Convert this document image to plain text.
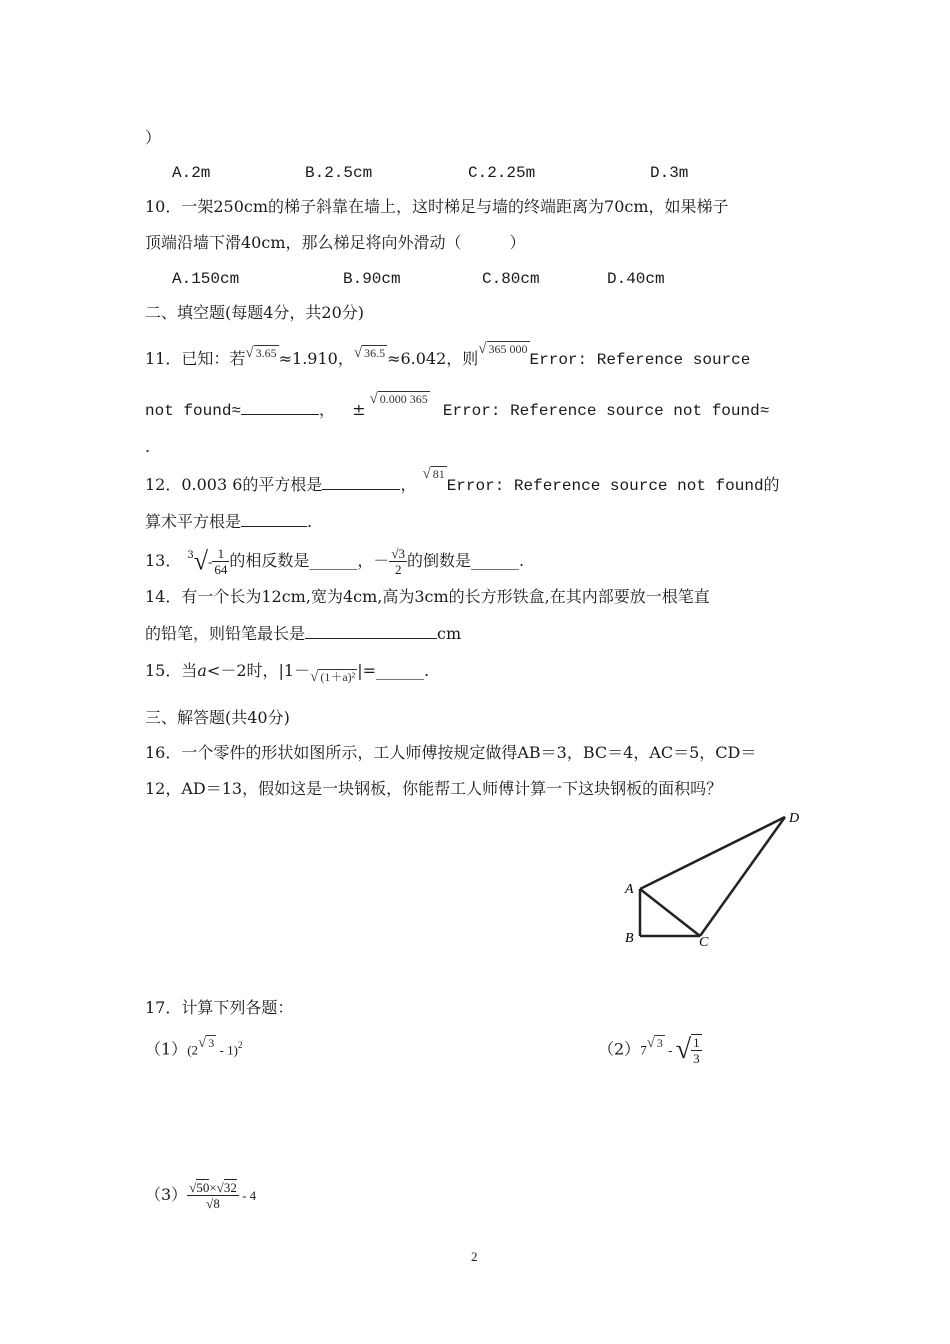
）
A.2m	B.2.5cm	C.2.25m	D.3m
10．一架250cm的梯子斜靠在墙上，这时梯足与墙的终端距离为70cm，如果梯子
顶端沿墙下滑40cm，那么梯足将向外滑动（　　　）
A.150cm	B.90cm	C.80cm	D.40cm
二、填空题(每题4分，共20分)
11．已知：若√ 3.65 ≈1.910，√ 36.5 ≈6.042，则√ 365 000Error: Reference source
not found≈	， ±√ 0.000 365 Error: Reference source not found≈
.
12．0.003 6的平方根是	，√ 81Error: Reference source not found的
算术平方根是	.
13． $^3√- \frac{1}{64}$ 的相反数是______，－ $\frac{√3}{2}$ 的倒数是______.
14．有一个长为12cm,宽为4cm,高为3cm的长方形铁盒,在其内部要放一根笔直
的铅笔，则铅笔最长是	cm
15．当a<－2时，|1－√ (1＋a)² |=______.
三、解答题(共40分)
16．一个零件的形状如图所示，工人师傅按规定做得AB＝3，BC＝4，AC＝5，CD＝
12，AD＝13，假如这是一块钢板，你能帮工人师傅计算一下这块钢板的面积吗？
A
B	C
D
17．计算下列各题：
（1）(2√ 3 - 1)$^2$	（2）7√ 3 - √ $\frac{1}{3}$
$(3) \frac{√50\times√32}{√8} - 4$
2
